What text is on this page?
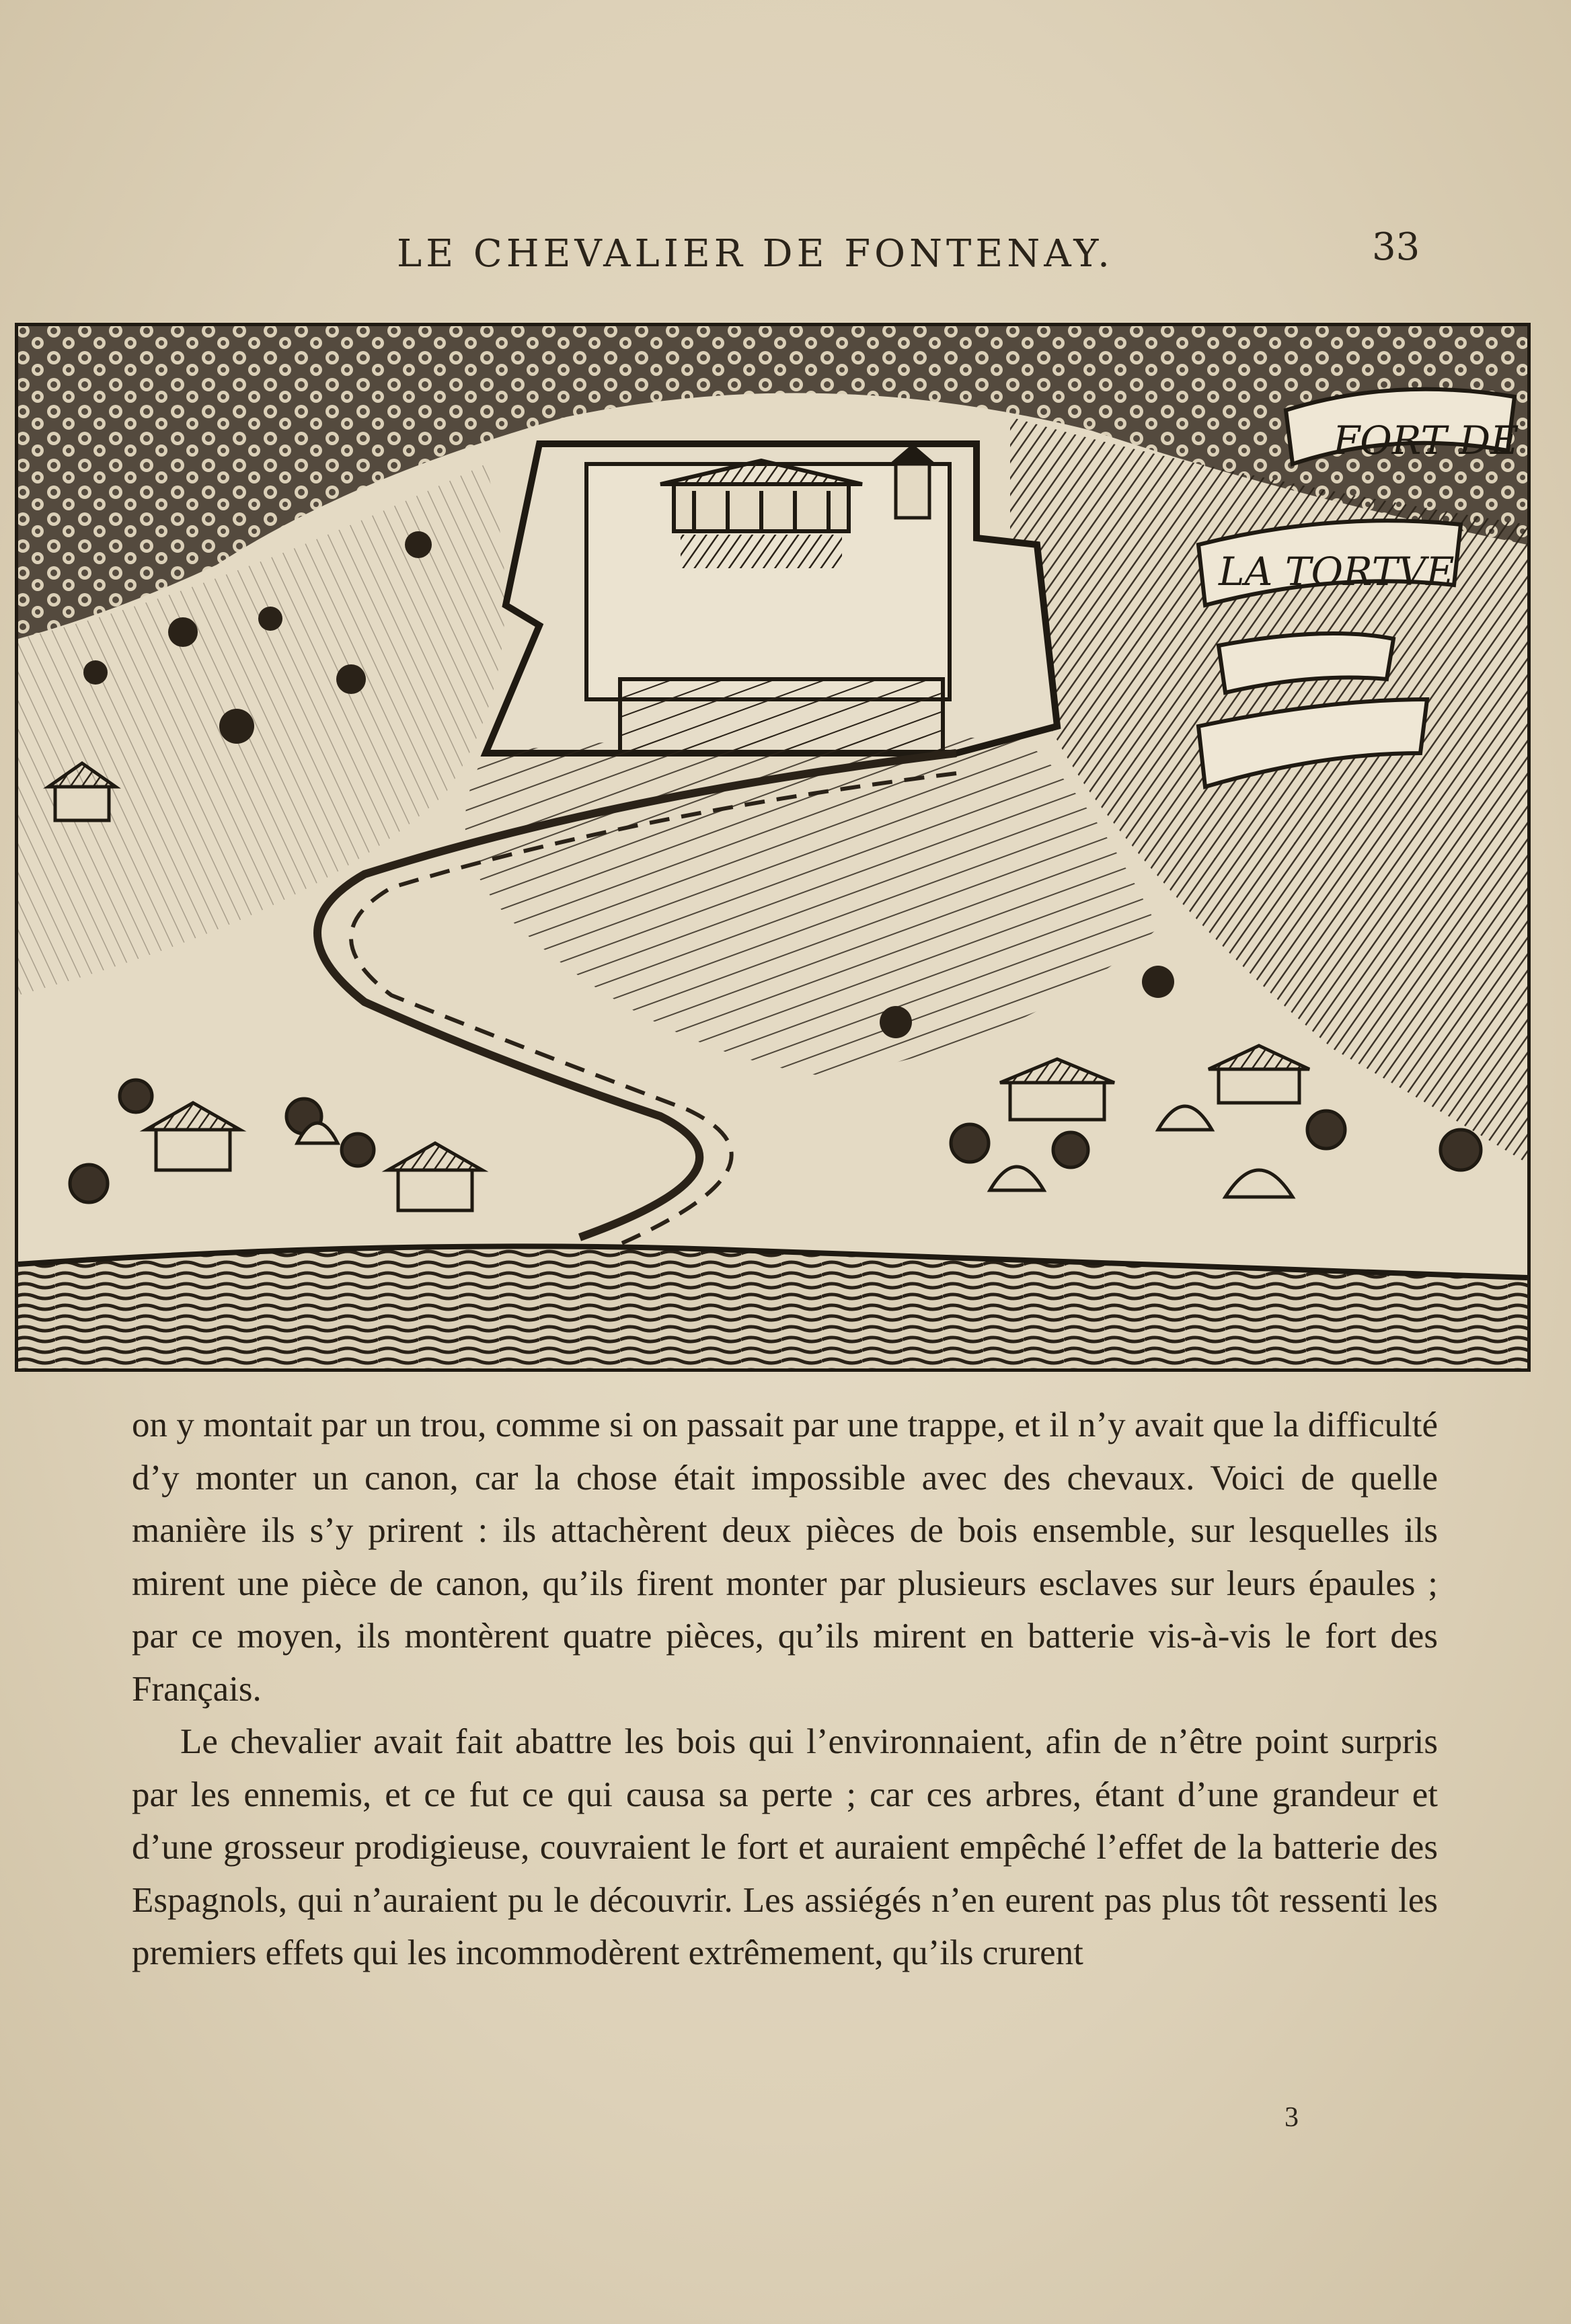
LE CHEVALIER DE FONTENAY.	33
FORT DE
LA TORTVE

on y montait par un trou, comme si on passait par une trappe, et il n’y avait que la difficulté d’y monter un canon, car la chose était impossible avec des chevaux. Voici de quelle manière ils s’y prirent : ils attachèrent deux pièces de bois ensemble, sur lesquelles ils mirent une pièce de canon, qu’ils firent monter par plusieurs esclaves sur leurs épaules ; par ce moyen, ils montèrent quatre pièces, qu’ils mirent en batterie vis-à-vis le fort des Français.

Le chevalier avait fait abattre les bois qui l’environnaient, afin de n’être point surpris par les ennemis, et ce fut ce qui causa sa perte ; car ces arbres, étant d’une grandeur et d’une grosseur prodigieuse, couvraient le fort et auraient empêché l’effet de la batterie des Espagnols, qui n’auraient pu le découvrir. Les assiégés n’en eurent pas plus tôt ressenti les premiers effets qui les incommodèrent extrêmement, qu’ils crurent

3
